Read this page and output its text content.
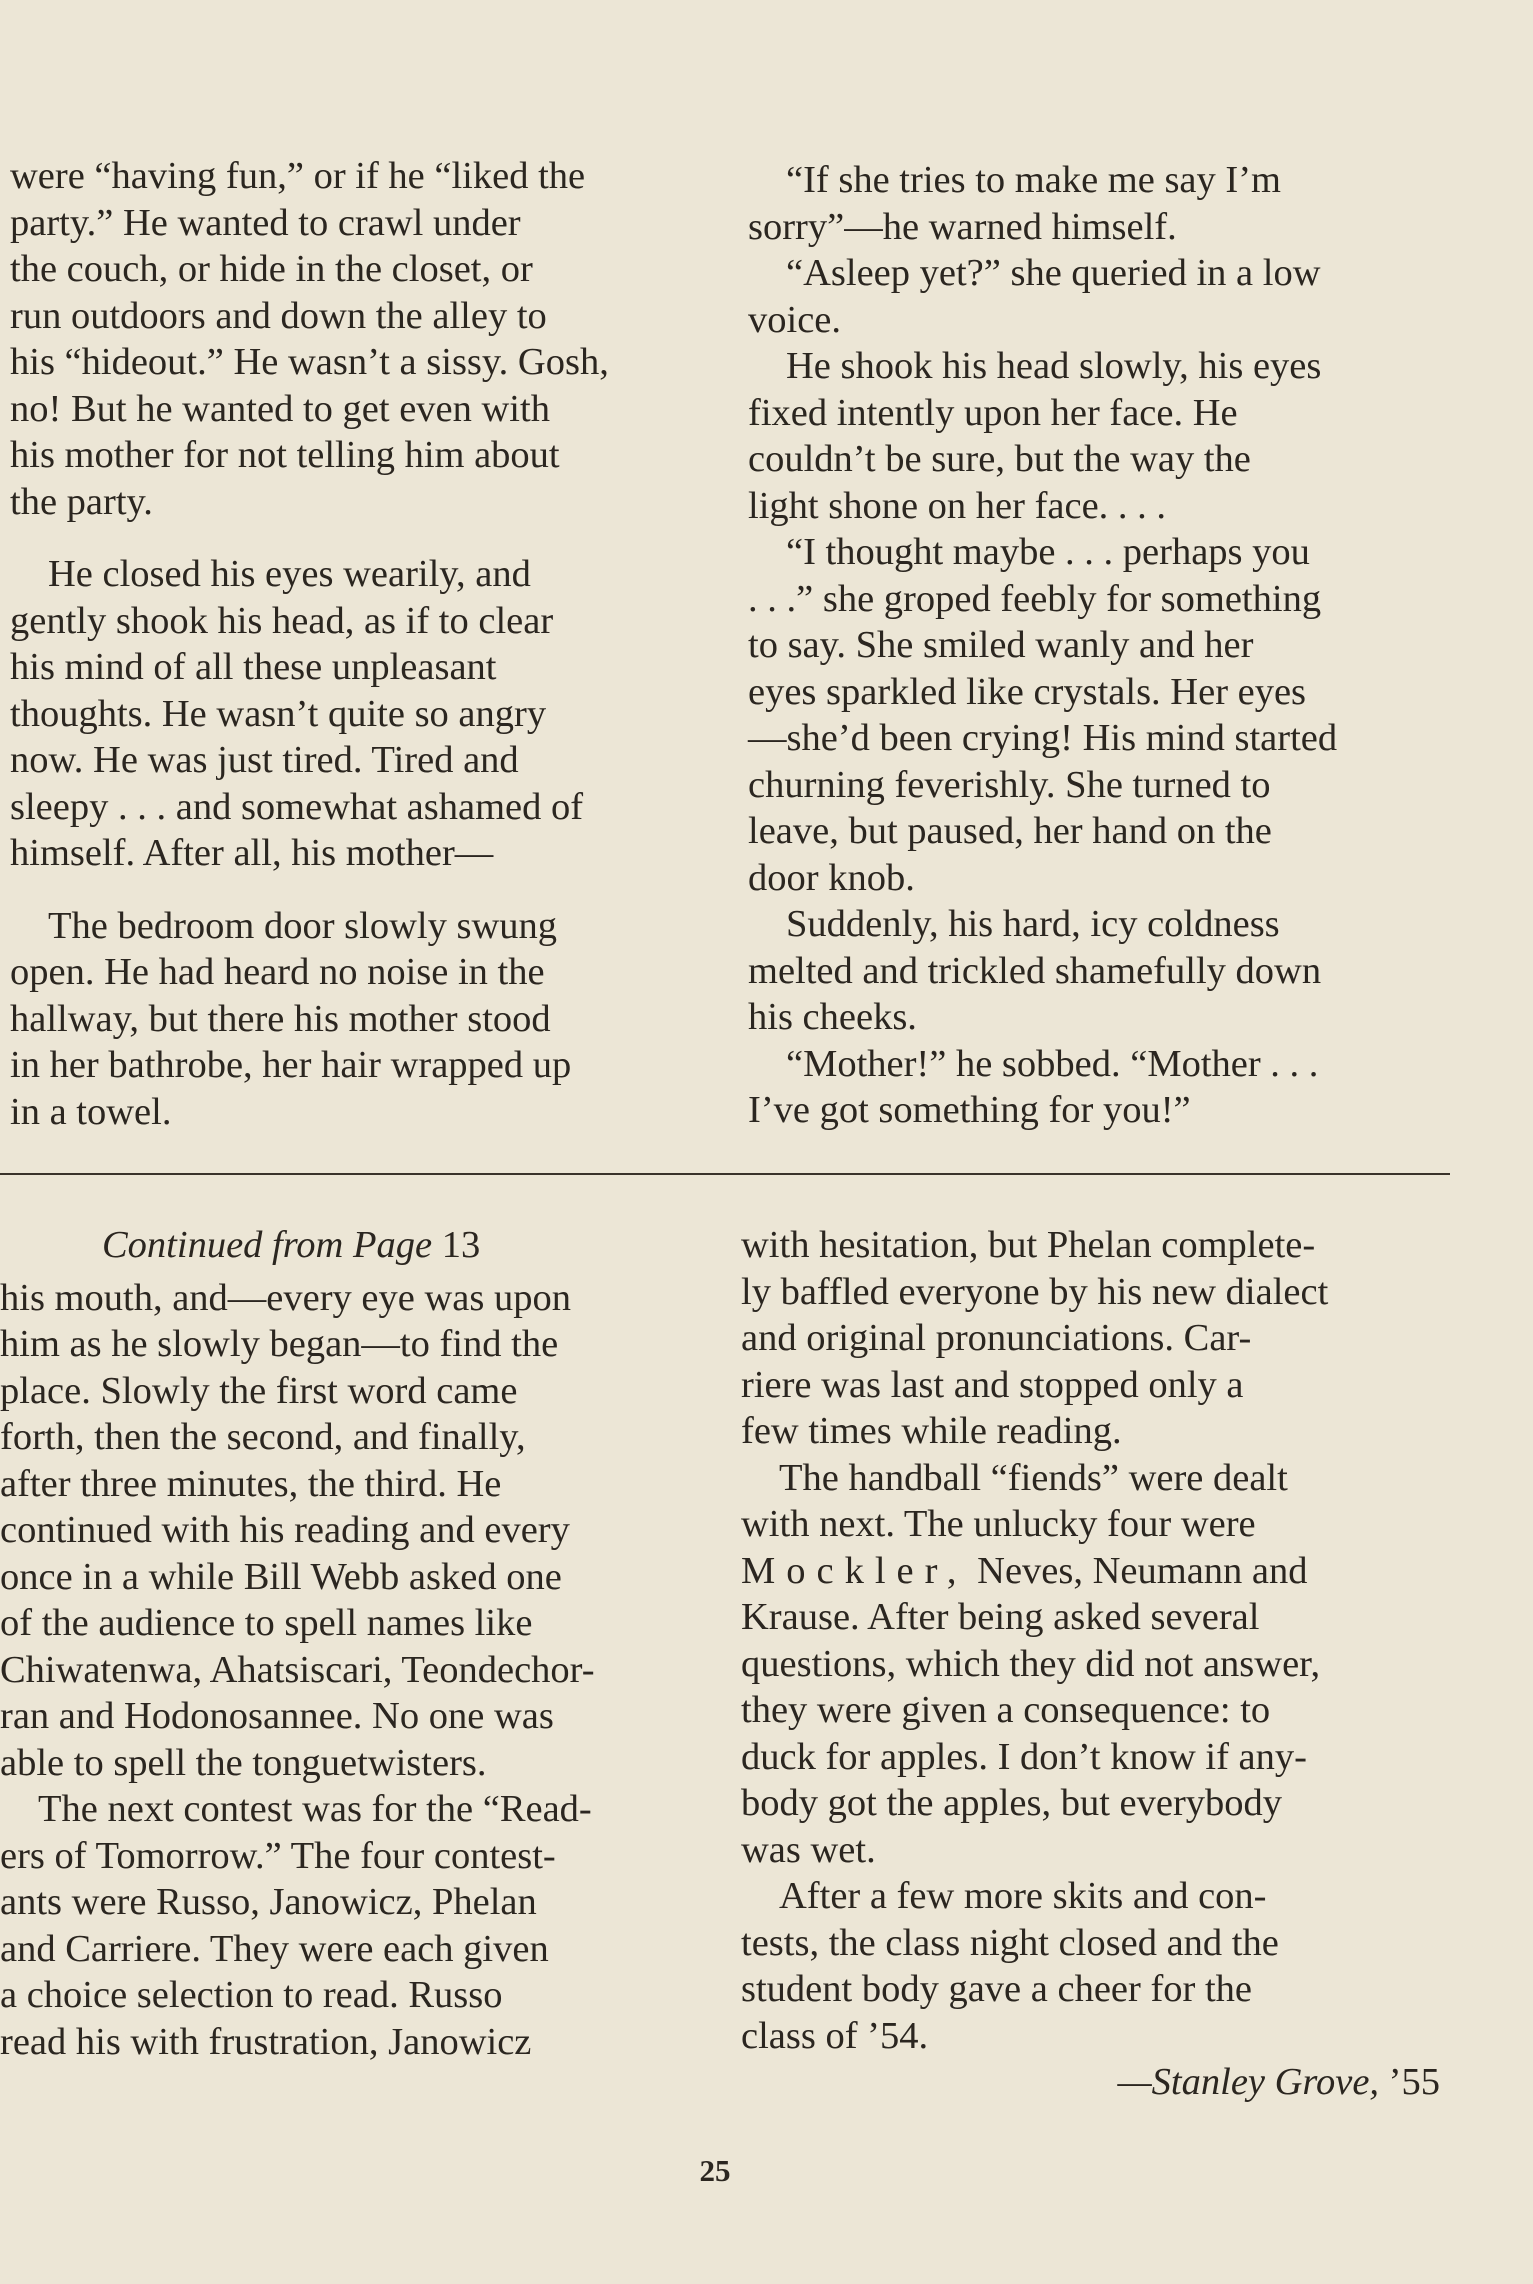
were “having fun,” or if he “liked the
party.” He wanted to crawl under
the couch, or hide in the closet, or
run outdoors and down the alley to
his “hideout.” He wasn’t a sissy. Gosh,
no! But he wanted to get even with
his mother for not telling him about
the party.

He closed his eyes wearily, and
gently shook his head, as if to clear
his mind of all these unpleasant
thoughts. He wasn’t quite so angry
now. He was just tired. Tired and
sleepy . . . and somewhat ashamed of
himself. After all, his mother—

The bedroom door slowly swung
open. He had heard no noise in the
hallway, but there his mother stood
in her bathrobe, her hair wrapped up
in a towel.

“If she tries to make me say I’m
sorry”—he warned himself.

“Asleep yet?” she queried in a low
voice.

He shook his head slowly, his eyes
fixed intently upon her face. He
couldn’t be sure, but the way the
light shone on her face. . . .

“I thought maybe . . . perhaps you
. . .” she groped feebly for something
to say. She smiled wanly and her
eyes sparkled like crystals. Her eyes
—she’d been crying! His mind started
churning feverishly. She turned to
leave, but paused, her hand on the
door knob.

Suddenly, his hard, icy coldness
melted and trickled shamefully down
his cheeks.

“Mother!” he sobbed. “Mother . . .
I’ve got something for you!”

Continued from Page 13

his mouth, and—every eye was upon
him as he slowly began—to find the
place. Slowly the first word came
forth, then the second, and finally,
after three minutes, the third. He
continued with his reading and every
once in a while Bill Webb asked one
of the audience to spell names like
Chiwatenwa, Ahatsiscari, Teondechor-
ran and Hodonosannee. No one was
able to spell the tonguetwisters.

The next contest was for the “Read-
ers of Tomorrow.” The four contest-
ants were Russo, Janowicz, Phelan
and Carriere. They were each given
a choice selection to read. Russo
read his with frustration, Janowicz

with hesitation, but Phelan complete-
ly baffled everyone by his new dialect
and original pronunciations. Car-
riere was last and stopped only a
few times while reading.

The handball “fiends” were dealt
with next. The unlucky four were
Mockler, Neves, Neumann and
Krause. After being asked several
questions, which they did not answer,
they were given a consequence: to
duck for apples. I don’t know if any-
body got the apples, but everybody
was wet.

After a few more skits and con-
tests, the class night closed and the
student body gave a cheer for the
class of ’54.

—Stanley Grove, ’55

25
